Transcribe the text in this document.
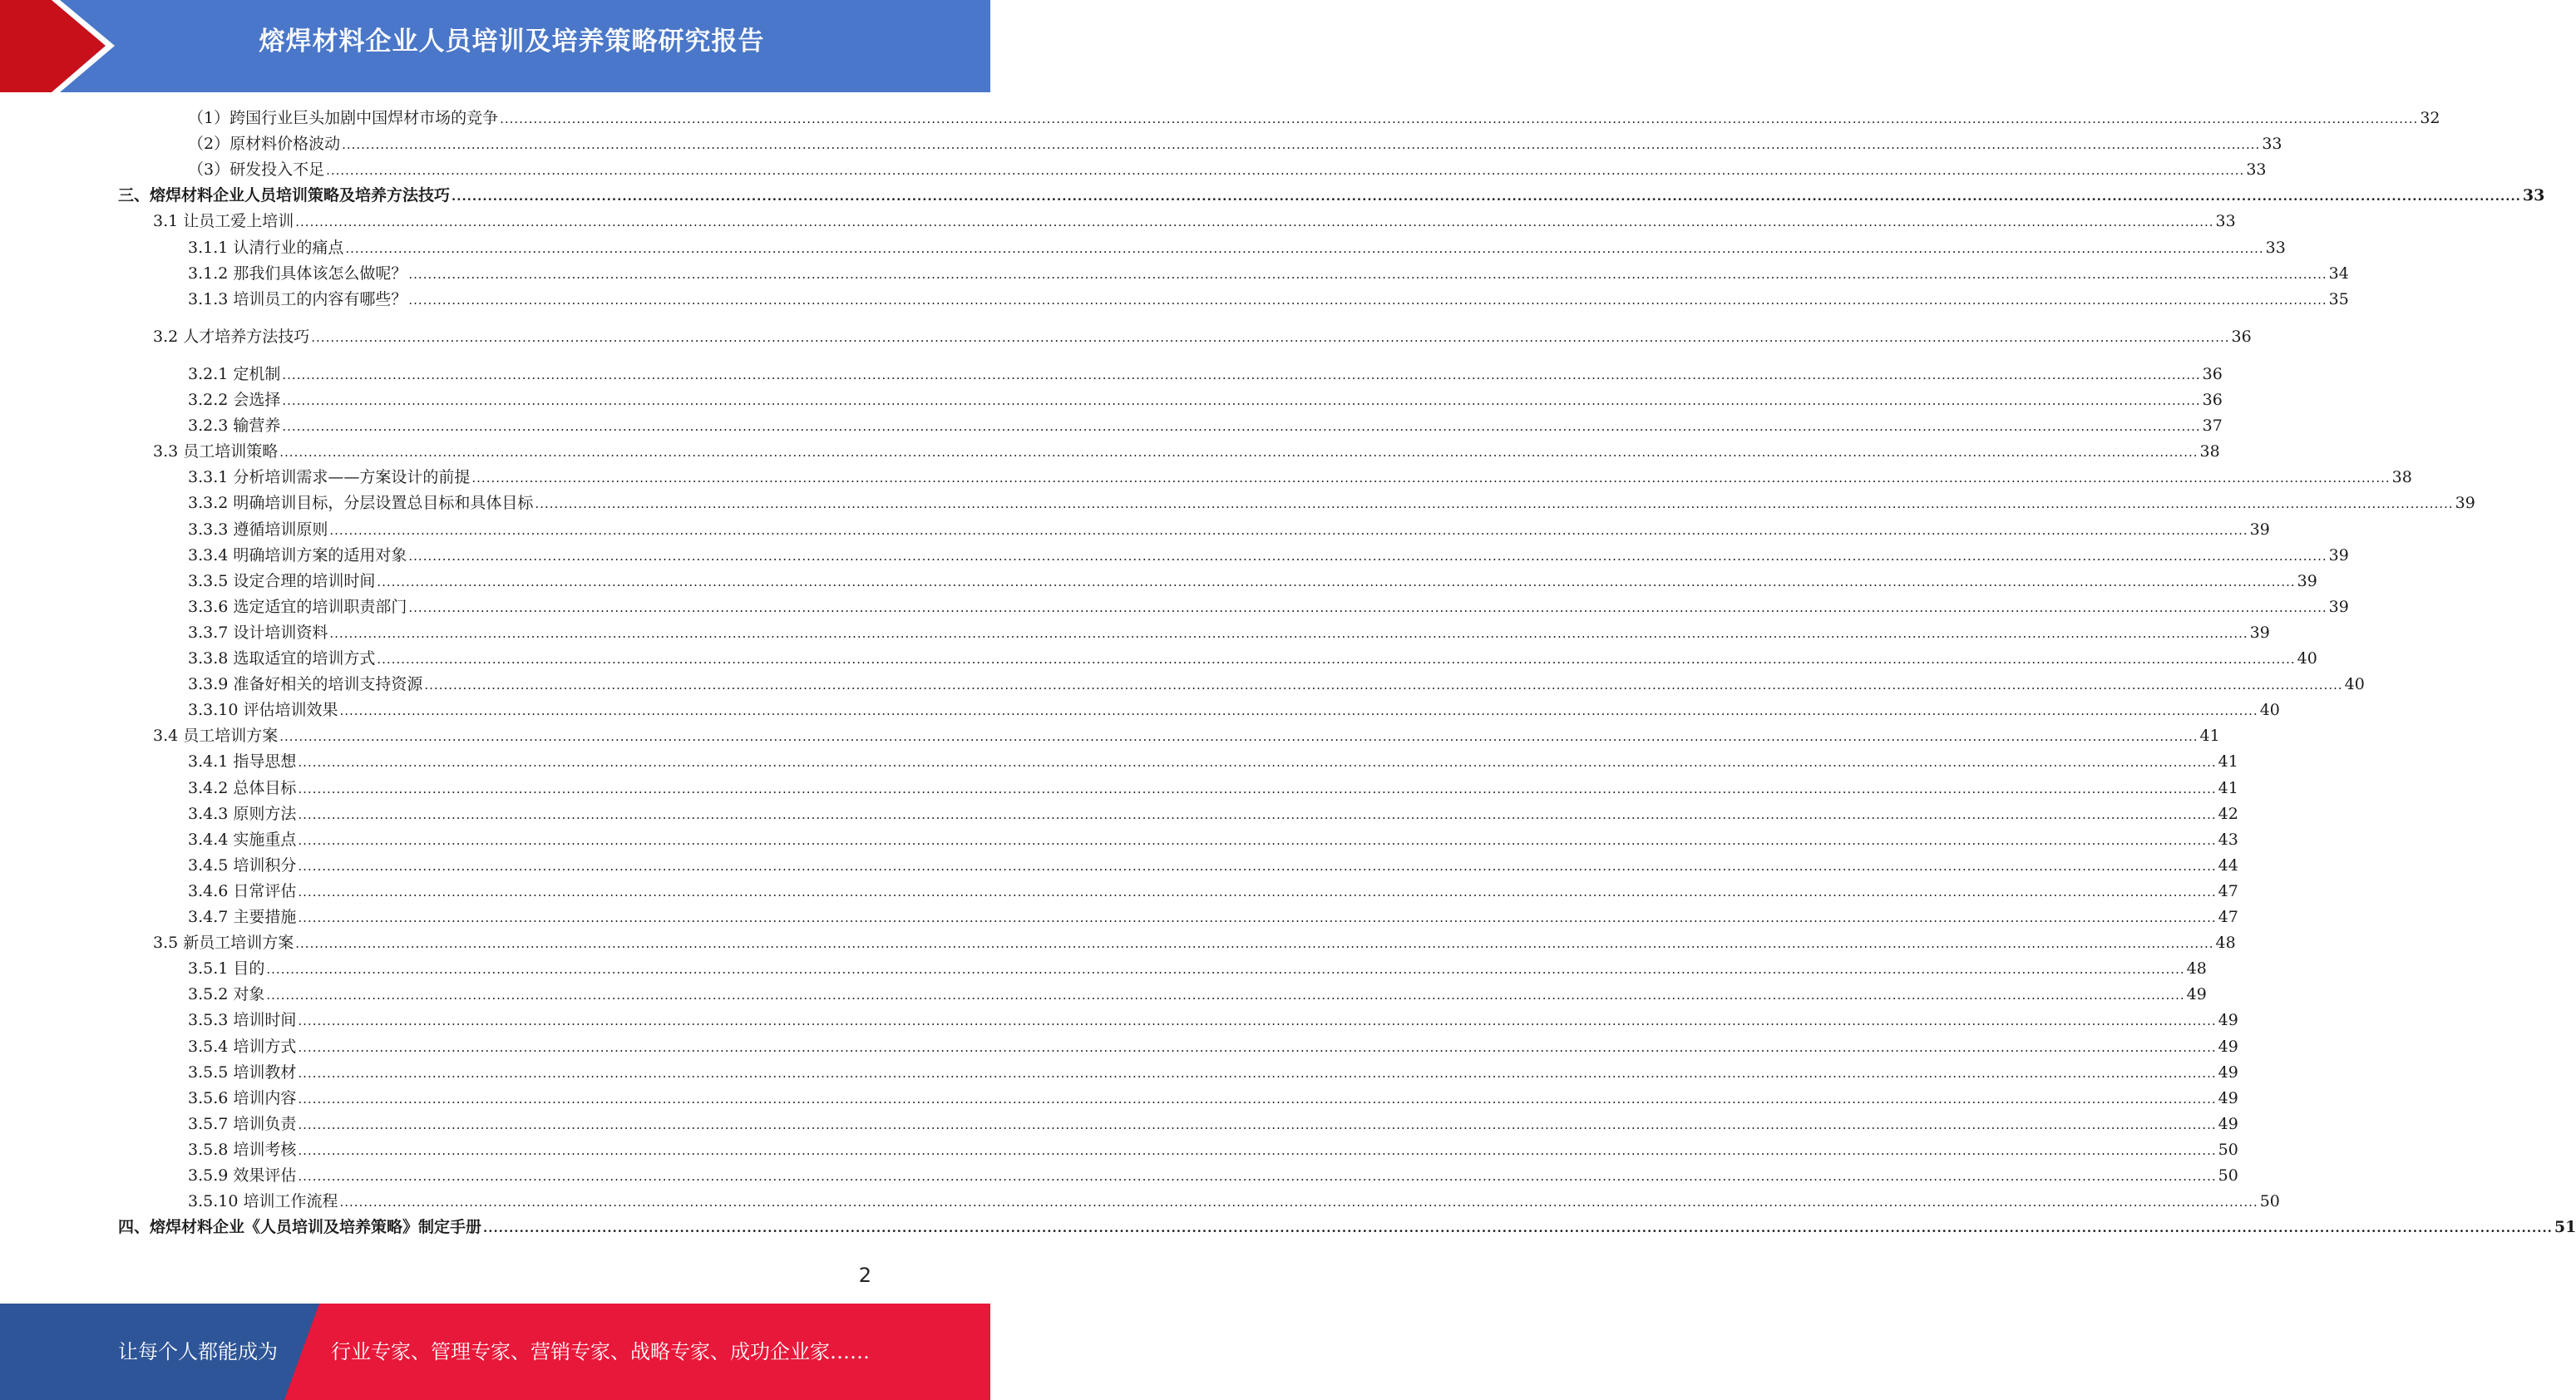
熔焊材料企业人员培训及培养策略研究报告
（1）跨国行业巨头加剧中国焊材市场的竞争 ................................................................................................................................................................................................................................................................................................................................................................................................................ 32
（2）原材料价格波动 ................................................................................................................................................................................................................................................................................................................................................................................................................ 33
（3）研发投入不足 ................................................................................................................................................................................................................................................................................................................................................................................................................ 33
三、熔焊材料企业人员培训策略及培养方法技巧 ................................................................................................................................................................................................................................................................................................................................................................................................................ 33
3.1 让员工爱上培训 ................................................................................................................................................................................................................................................................................................................................................................................................................ 33
3.1.1 认清行业的痛点 ................................................................................................................................................................................................................................................................................................................................................................................................................ 33
3.1.2 那我们具体该怎么做呢？ ................................................................................................................................................................................................................................................................................................................................................................................................................ 34
3.1.3 培训员工的内容有哪些？ ................................................................................................................................................................................................................................................................................................................................................................................................................ 35
3.2 人才培养方法技巧 ................................................................................................................................................................................................................................................................................................................................................................................................................ 36
3.2.1 定机制 ................................................................................................................................................................................................................................................................................................................................................................................................................ 36
3.2.2 会选择 ................................................................................................................................................................................................................................................................................................................................................................................................................ 36
3.2.3 输营养 ................................................................................................................................................................................................................................................................................................................................................................................................................ 37
3.3 员工培训策略 ................................................................................................................................................................................................................................................................................................................................................................................................................ 38
3.3.1 分析培训需求——方案设计的前提 ................................................................................................................................................................................................................................................................................................................................................................................................................ 38
3.3.2 明确培训目标，分层设置总目标和具体目标 ................................................................................................................................................................................................................................................................................................................................................................................................................ 39
3.3.3 遵循培训原则 ................................................................................................................................................................................................................................................................................................................................................................................................................ 39
3.3.4 明确培训方案的适用对象 ................................................................................................................................................................................................................................................................................................................................................................................................................ 39
3.3.5 设定合理的培训时间 ................................................................................................................................................................................................................................................................................................................................................................................................................ 39
3.3.6 选定适宜的培训职责部门 ................................................................................................................................................................................................................................................................................................................................................................................................................ 39
3.3.7 设计培训资料 ................................................................................................................................................................................................................................................................................................................................................................................................................ 39
3.3.8 选取适宜的培训方式 ................................................................................................................................................................................................................................................................................................................................................................................................................ 40
3.3.9 准备好相关的培训支持资源 ................................................................................................................................................................................................................................................................................................................................................................................................................ 40
3.3.10 评估培训效果 ................................................................................................................................................................................................................................................................................................................................................................................................................ 40
3.4 员工培训方案 ................................................................................................................................................................................................................................................................................................................................................................................................................ 41
3.4.1 指导思想 ................................................................................................................................................................................................................................................................................................................................................................................................................ 41
3.4.2 总体目标 ................................................................................................................................................................................................................................................................................................................................................................................................................ 41
3.4.3 原则方法 ................................................................................................................................................................................................................................................................................................................................................................................................................ 42
3.4.4 实施重点 ................................................................................................................................................................................................................................................................................................................................................................................................................ 43
3.4.5 培训积分 ................................................................................................................................................................................................................................................................................................................................................................................................................ 44
3.4.6 日常评估 ................................................................................................................................................................................................................................................................................................................................................................................................................ 47
3.4.7 主要措施 ................................................................................................................................................................................................................................................................................................................................................................................................................ 47
3.5 新员工培训方案 ................................................................................................................................................................................................................................................................................................................................................................................................................ 48
3.5.1 目的 ................................................................................................................................................................................................................................................................................................................................................................................................................ 48
3.5.2 对象 ................................................................................................................................................................................................................................................................................................................................................................................................................ 49
3.5.3 培训时间 ................................................................................................................................................................................................................................................................................................................................................................................................................ 49
3.5.4 培训方式 ................................................................................................................................................................................................................................................................................................................................................................................................................ 49
3.5.5 培训教材 ................................................................................................................................................................................................................................................................................................................................................................................................................ 49
3.5.6 培训内容 ................................................................................................................................................................................................................................................................................................................................................................................................................ 49
3.5.7 培训负责 ................................................................................................................................................................................................................................................................................................................................................................................................................ 49
3.5.8 培训考核 ................................................................................................................................................................................................................................................................................................................................................................................................................ 50
3.5.9 效果评估 ................................................................................................................................................................................................................................................................................................................................................................................................................ 50
3.5.10 培训工作流程 ................................................................................................................................................................................................................................................................................................................................................................................................................ 50
四、熔焊材料企业《人员培训及培养策略》制定手册 ................................................................................................................................................................................................................................................................................................................................................................................................................ 51
2
让每个人都能成为	行业专家、管理专家、营销专家、战略专家、成功企业家……
